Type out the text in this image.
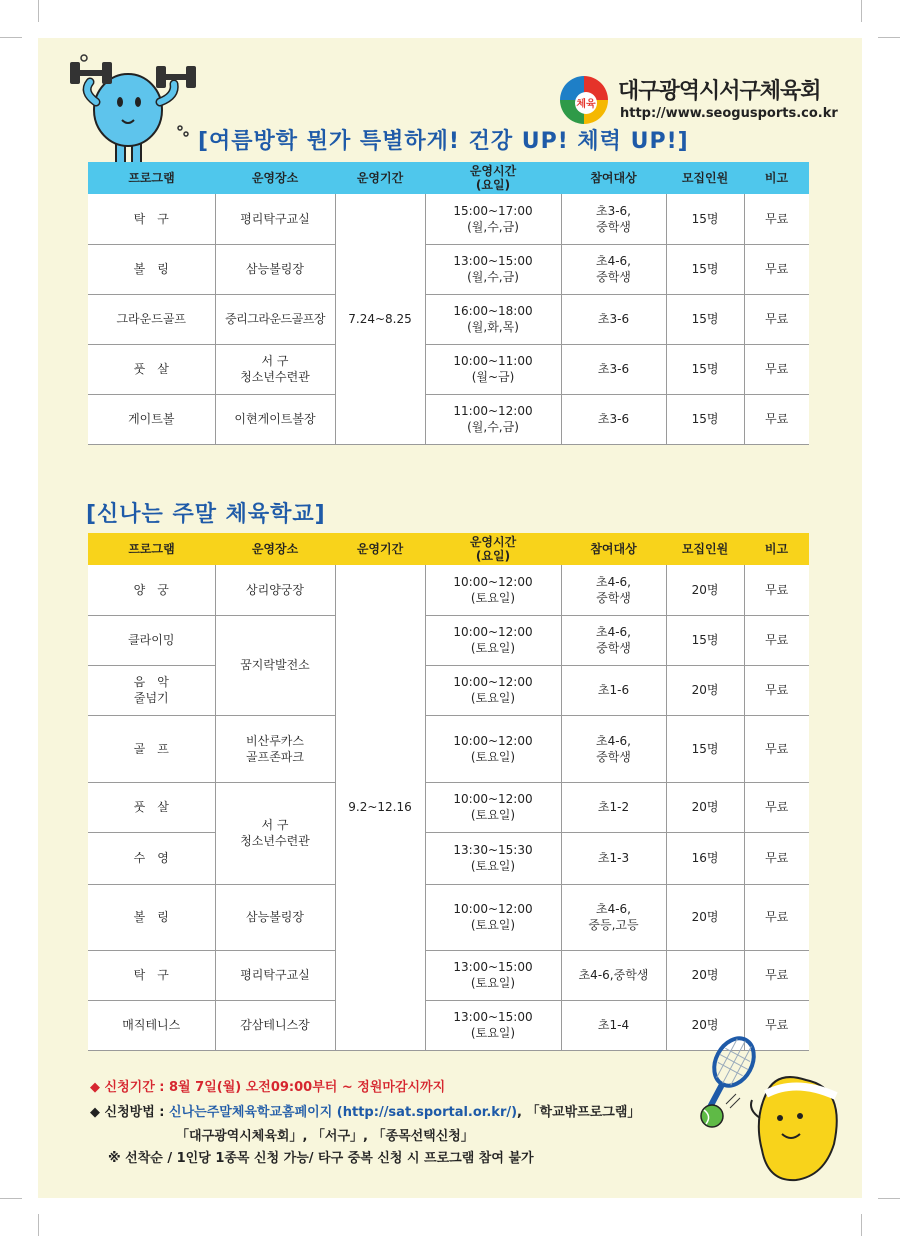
체육
대구광역시서구체육회
http://www.seogusports.co.kr
[여름방학 뭔가 특별하게! 건강 UP! 체력 UP!]
프로그램	운영장소	운영기간	운영시간
(요일)	참여대상	모집인원	비고
탁　구	평리탁구교실	7.24~8.25	15:00~17:00
(월,수,금)	초3-6,
중학생	15명	무료
볼　링	삼능볼링장		13:00~15:00
(월,수,금)	초4-6,
중학생	15명	무료
그라운드골프	중리그라운드골프장		16:00~18:00
(월,화,목)	초3-6	15명	무료
풋　살	서 구
청소년수련관		10:00~11:00
(월~금)	초3-6	15명	무료
게이트볼	이현게이트볼장		11:00~12:00
(월,수,금)	초3-6	15명	무료
[신나는 주말 체육학교]
프로그램	운영장소	운영기간	운영시간
(요일)	참여대상	모집인원	비고
양　궁	상리양궁장	9.2~12.16	10:00~12:00
(토요일)	초4-6,
중학생	20명	무료
클라이밍	꿈지락발전소		10:00~12:00
(토요일)	초4-6,
중학생	15명	무료
음　악
줄넘기			10:00~12:00
(토요일)	초1-6	20명	무료
골　프	비산루카스
골프존파크		10:00~12:00
(토요일)	초4-6,
중학생	15명	무료
풋　살	서 구
청소년수련관		10:00~12:00
(토요일)	초1-2	20명	무료
수　영			13:30~15:30
(토요일)	초1-3	16명	무료
볼　링	삼능볼링장		10:00~12:00
(토요일)	초4-6,
중등,고등	20명	무료
탁　구	평리탁구교실		13:00~15:00
(토요일)	초4-6,중학생	20명	무료
매직테니스	감삼테니스장		13:00~15:00
(토요일)	초1-4	20명	무료
◆ 신청기간 : 8월 7일(월) 오전09:00부터 ~ 정원마감시까지
◆ 신청방법 : 신나는주말체육학교홈페이지 (http://sat.sportal.or.kr/), 「학교밖프로그램」
「대구광역시체육회」, 「서구」, 「종목선택신청」
※ 선착순 / 1인당 1종목 신청 가능/ 타구 중복 신청 시 프로그램 참여 불가
